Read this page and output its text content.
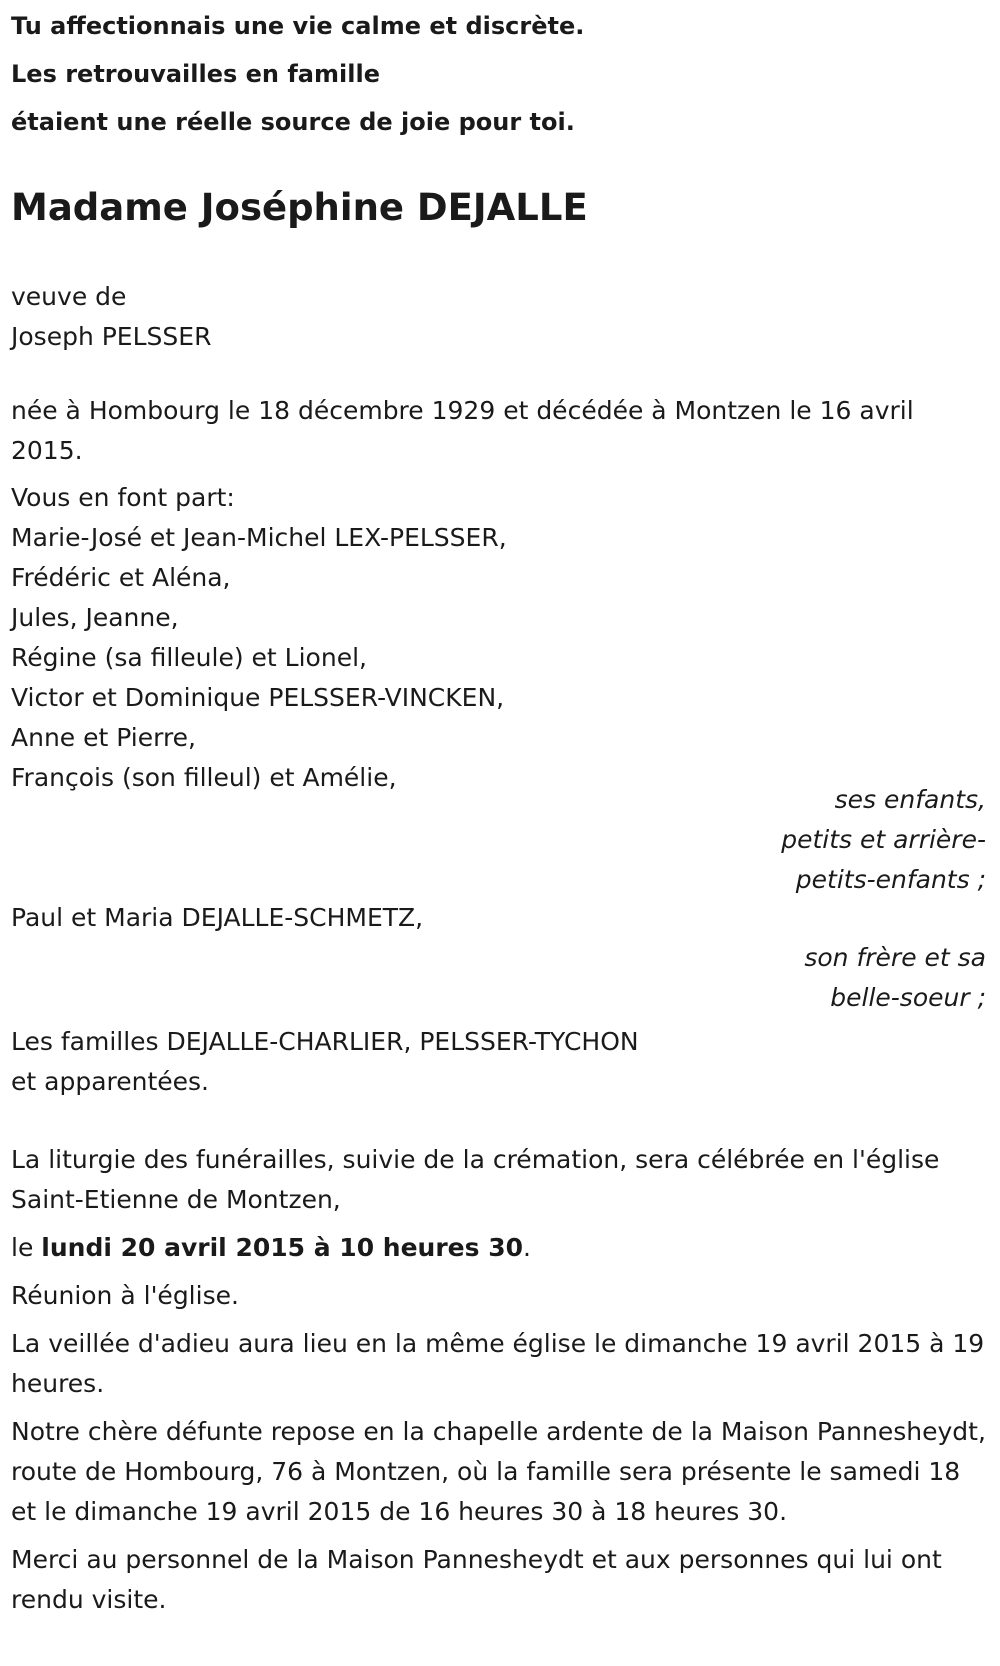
Tu affectionnais une vie calme et discrète.

Les retrouvailles en famille

étaient une réelle source de joie pour toi.

Madame Joséphine DEJALLE
veuve de
Joseph PELSSER

née à Hombourg le 18 décembre 1929 et décédée à Montzen le 16 avril 2015.

Vous en font part:
Marie-José et Jean-Michel LEX-PELSSER,
Frédéric et Aléna,
Jules, Jeanne,
Régine (sa filleule) et Lionel,
Victor et Dominique PELSSER-VINCKEN,
Anne et Pierre,
François (son filleul) et Amélie,
ses enfants, petits et arrière-petits-enfants ;
Paul et Maria DEJALLE-SCHMETZ,
son frère et sa belle-soeur ;
Les familles DEJALLE-CHARLIER, PELSSER-TYCHON
et apparentées.

La liturgie des funérailles, suivie de la crémation, sera célébrée en l'église Saint-Etienne de Montzen,

le lundi 20 avril 2015 à 10 heures 30.

Réunion à l'église.

La veillée d'adieu aura lieu en la même église le dimanche 19 avril 2015 à 19 heures.

Notre chère défunte repose en la chapelle ardente de la Maison Pannesheydt, route de Hombourg, 76 à Montzen, où la famille sera présente le samedi 18 et le dimanche 19 avril 2015 de 16 heures 30 à 18 heures 30.

Merci au personnel de la Maison Pannesheydt et aux personnes qui lui ont rendu visite.
